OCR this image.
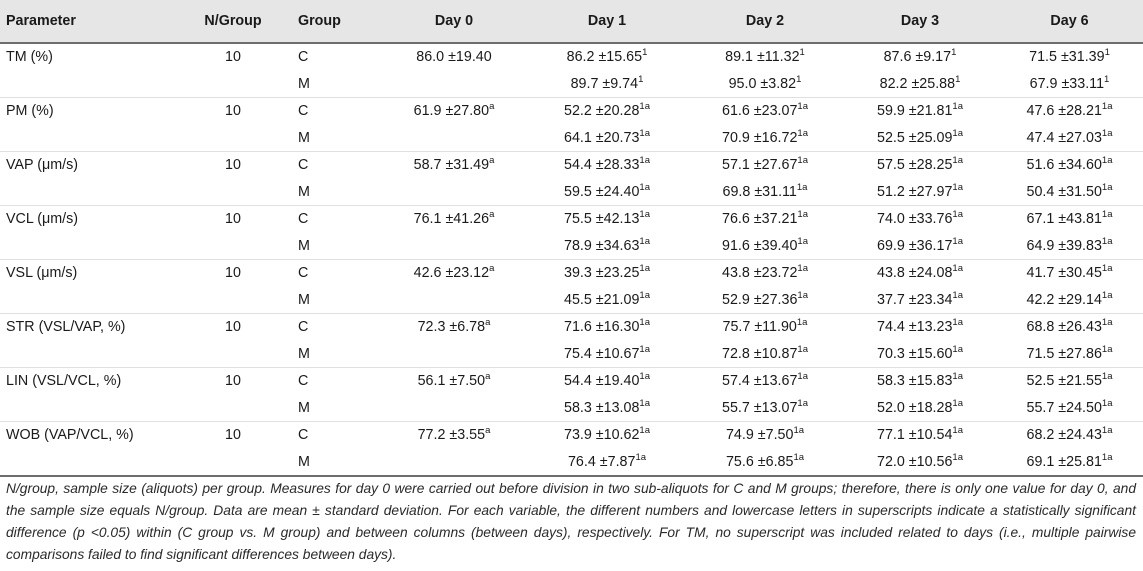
Parameter	N/Group	Group	Day 0	Day 1	Day 2	Day 3	Day 6
TM (%)	10	C	86.0 ±19.40	$86.2 \pm 15.65^1$	$89.1 \pm 11.32^1$	$87.6 \pm 9.17^1$	$71.5 \pm 31.39^1$
		M		$89.7 \pm 9.74^1$	$95.0 \pm 3.82^1$	$82.2 \pm 25.88^1$	$67.9 \pm 33.11^1$
PM (%)	10	C	61.9 ±27.80$^a$	$52.2 \pm 20.28^{1a}$	$61.6 \pm 23.07^{1a}$	$59.9 \pm 21.81^{1a}$	$47.6 \pm 28.21^{1a}$
		M		$64.1 \pm 20.73^{1a}$	$70.9 \pm 16.72^{1a}$	$52.5 \pm 25.09^{1a}$	$47.4 \pm 27.03^{1a}$
VAP (μm/s)	10	C	58.7 ±31.49$^a$	$54.4 \pm 28.33^{1a}$	$57.1 \pm 27.67^{1a}$	$57.5 \pm 28.25^{1a}$	$51.6 \pm 34.60^{1a}$
		M		$59.5 \pm 24.40^{1a}$	$69.8 \pm 31.11^{1a}$	$51.2 \pm 27.97^{1a}$	$50.4 \pm 31.50^{1a}$
VCL (μm/s)	10	C	76.1 ±41.26$^a$	$75.5 \pm 42.13^{1a}$	$76.6 \pm 37.21^{1a}$	$74.0 \pm 33.76^{1a}$	$67.1 \pm 43.81^{1a}$
		M		$78.9 \pm 34.63^{1a}$	$91.6 \pm 39.40^{1a}$	$69.9 \pm 36.17^{1a}$	$64.9 \pm 39.83^{1a}$
VSL (μm/s)	10	C	42.6 ±23.12$^a$	$39.3 \pm 23.25^{1a}$	$43.8 \pm 23.72^{1a}$	$43.8 \pm 24.08^{1a}$	$41.7 \pm 30.45^{1a}$
		M		$45.5 \pm 21.09^{1a}$	$52.9 \pm 27.36^{1a}$	$37.7 \pm 23.34^{1a}$	$42.2 \pm 29.14^{1a}$
STR (VSL/VAP, %)	10	C	72.3 ±6.78$^a$	$71.6 \pm 16.30^{1a}$	$75.7 \pm 11.90^{1a}$	$74.4 \pm 13.23^{1a}$	$68.8 \pm 26.43^{1a}$
		M		$75.4 \pm 10.67^{1a}$	$72.8 \pm 10.87^{1a}$	$70.3 \pm 15.60^{1a}$	$71.5 \pm 27.86^{1a}$
LIN (VSL/VCL, %)	10	C	56.1 ±7.50$^a$	$54.4 \pm 19.40^{1a}$	$57.4 \pm 13.67^{1a}$	$58.3 \pm 15.83^{1a}$	$52.5 \pm 21.55^{1a}$
		M		$58.3 \pm 13.08^{1a}$	$55.7 \pm 13.07^{1a}$	$52.0 \pm 18.28^{1a}$	$55.7 \pm 24.50^{1a}$
WOB (VAP/VCL, %)	10	C	77.2 ±3.55$^a$	$73.9 \pm 10.62^{1a}$	$74.9 \pm 7.50^{1a}$	$77.1 \pm 10.54^{1a}$	$68.2 \pm 24.43^{1a}$
		M		$76.4 \pm 7.87^{1a}$	$75.6 \pm 6.85^{1a}$	$72.0 \pm 10.56^{1a}$	$69.1 \pm 25.81^{1a}$
N/group, sample size (aliquots) per group. Measures for day 0 were carried out before division in two sub-aliquots for C and M groups; therefore, there is only one value for day 0, and the sample size equals N/group. Data are mean ± standard deviation. For each variable, the different numbers and lowercase letters in superscripts indicate a statistically significant difference (p <0.05) within (C group vs. M group) and between columns (between days), respectively. For TM, no superscript was included related to days (i.e., multiple pairwise comparisons failed to find significant differences between days).
